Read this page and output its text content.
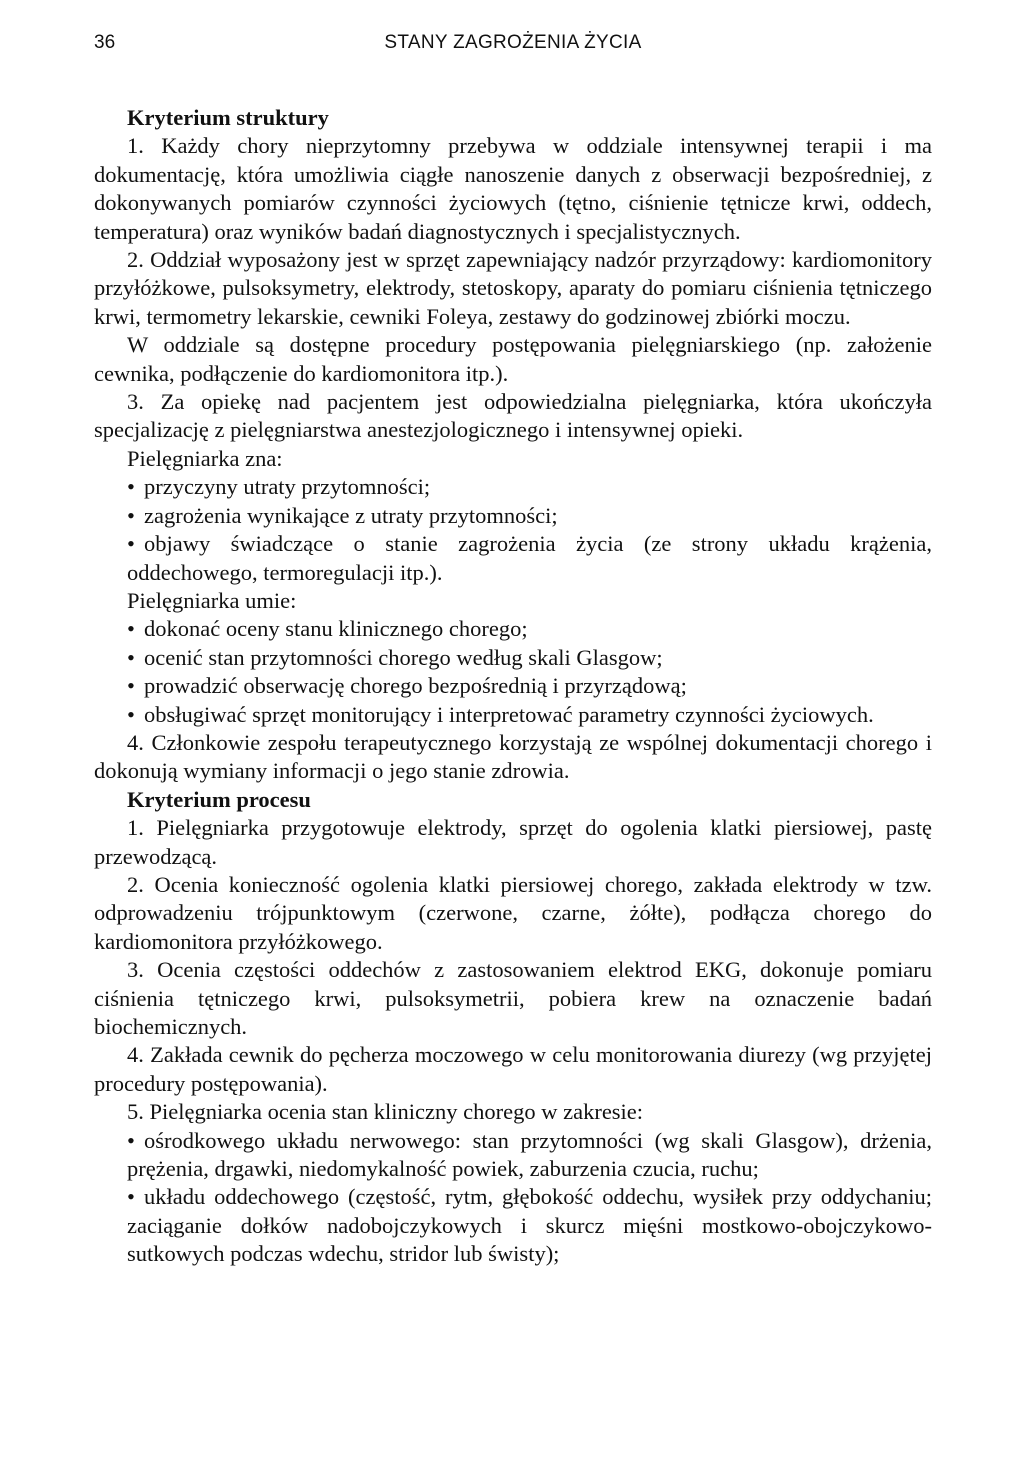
36	STANY ZAGROŻENIA ŻYCIA

Kryterium struktury

1. Każdy chory nieprzytomny przebywa w oddziale intensywnej terapii i ma dokumentację, która umożliwia ciągłe nanoszenie danych z obserwacji bezpośredniej, z dokonywanych pomiarów czynności życiowych (tętno, ciśnienie tętnicze krwi, oddech, temperatura) oraz wyników badań diagnostycznych i specjalistycznych.

2. Oddział wyposażony jest w sprzęt zapewniający nadzór przyrządowy: kardiomonitory przyłóżkowe, pulsoksymetry, elektrody, stetoskopy, aparaty do pomiaru ciśnienia tętniczego krwi, termometry lekarskie, cewniki Foleya, zestawy do godzinowej zbiórki moczu.

W oddziale są dostępne procedury postępowania pielęgniarskiego (np. założenie cewnika, podłączenie do kardiomonitora itp.).

3. Za opiekę nad pacjentem jest odpowiedzialna pielęgniarka, która ukończyła specjalizację z pielęgniarstwa anestezjologicznego i intensywnej opieki.

Pielęgniarka zna:

• przyczyny utraty przytomności;

• zagrożenia wynikające z utraty przytomności;

• objawy świadczące o stanie zagrożenia życia (ze strony układu krążenia, oddechowego, termoregulacji itp.).

Pielęgniarka umie:

• dokonać oceny stanu klinicznego chorego;

• ocenić stan przytomności chorego według skali Glasgow;

• prowadzić obserwację chorego bezpośrednią i przyrządową;

• obsługiwać sprzęt monitorujący i interpretować parametry czynności życiowych.

4. Członkowie zespołu terapeutycznego korzystają ze wspólnej dokumentacji chorego i dokonują wymiany informacji o jego stanie zdrowia.

Kryterium procesu

1. Pielęgniarka przygotowuje elektrody, sprzęt do ogolenia klatki piersiowej, pastę przewodzącą.

2. Ocenia konieczność ogolenia klatki piersiowej chorego, zakłada elektrody w tzw. odprowadzeniu trójpunktowym (czerwone, czarne, żółte), podłącza chorego do kardiomonitora przyłóżkowego.

3. Ocenia częstości oddechów z zastosowaniem elektrod EKG, dokonuje pomiaru ciśnienia tętniczego krwi, pulsoksymetrii, pobiera krew na oznaczenie badań biochemicznych.

4. Zakłada cewnik do pęcherza moczowego w celu monitorowania diurezy (wg przyjętej procedury postępowania).

5. Pielęgniarka ocenia stan kliniczny chorego w zakresie:

• ośrodkowego układu nerwowego: stan przytomności (wg skali Glasgow), drżenia, prężenia, drgawki, niedomykalność powiek, zaburzenia czucia, ruchu;

• układu oddechowego (częstość, rytm, głębokość oddechu, wysiłek przy oddychaniu; zaciąganie dołków nadobojczykowych i skurcz mięśni mostkowo-obojczykowo-sutkowych podczas wdechu, stridor lub świsty);
